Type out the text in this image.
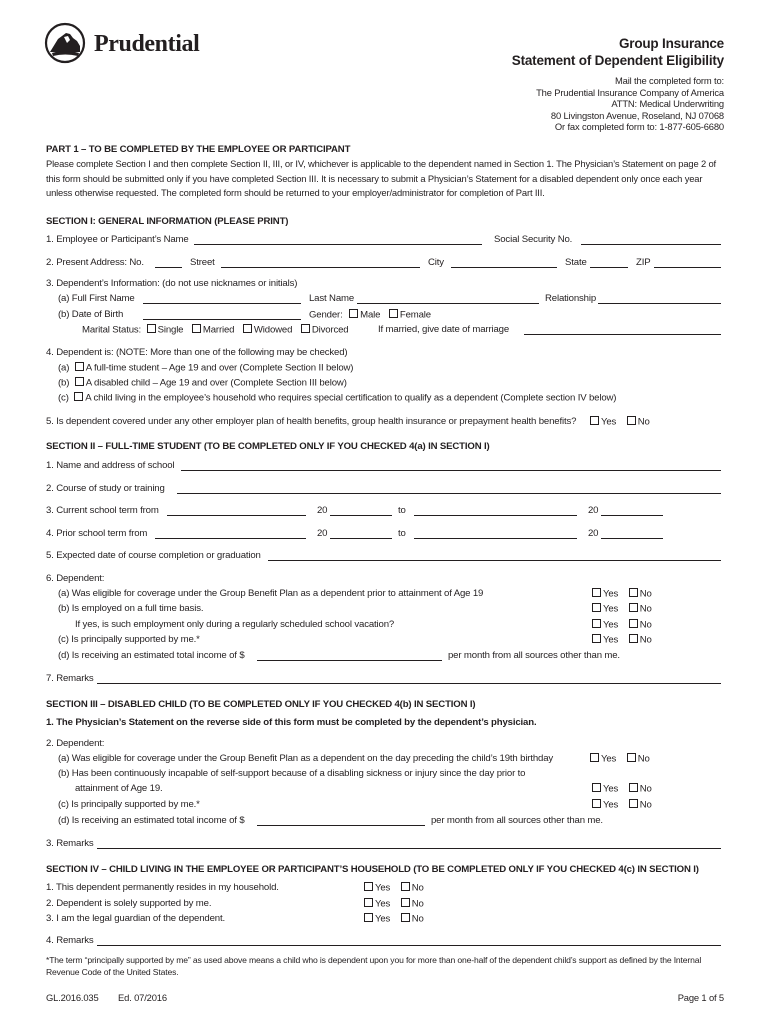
Prudential	Group Insurance
Statement of Dependent Eligibility
Mail the completed form to:
The Prudential Insurance Company of America
ATTN: Medical Underwriting
80 Livingston Avenue, Roseland, NJ 07068
Or fax completed form to: 1-877-605-6680
PART 1 – TO BE COMPLETED BY THE EMPLOYEE OR PARTICIPANT
Please complete Section I and then complete Section II, III, or IV, whichever is applicable to the dependent named in Section 1. The Physician’s Statement on page 2 of this form should be submitted only if you have completed Section III. It is necessary to submit a Physician’s Statement for a disabled dependent only once each year unless otherwise requested. The completed form should be returned to your employer/administrator for completion of Part III.
SECTION I: GENERAL INFORMATION (PLEASE PRINT)
1. Employee or Participant’s Name	Social Security No.
2. Present Address: No.	Street	City	State	ZIP
3. Dependent’s Information: (do not use nicknames or initials)
(a) Full First Name	Last Name	Relationship
(b) Date of Birth	Gender: Male Female
Marital Status: Single Married Widowed Divorced	If married, give date of marriage
4. Dependent is: (NOTE: More than one of the following may be checked)
(a) A full-time student – Age 19 and over (Complete Section II below)
(b) A disabled child – Age 19 and over (Complete Section III below)
(c) A child living in the employee’s household who requires special certification to qualify as a dependent (Complete section IV below)
5. Is dependent covered under any other employer plan of health benefits, group health insurance or prepayment health benefits?	Yes No
SECTION II – FULL-TIME STUDENT (TO BE COMPLETED ONLY IF YOU CHECKED 4(a) IN SECTION I)
1. Name and address of school
2. Course of study or training
3. Current school term from	20	to	20
4. Prior school term from	20	to	20
5. Expected date of course completion or graduation
6. Dependent:
(a) Was eligible for coverage under the Group Benefit Plan as a dependent prior to attainment of Age 19	Yes No
(b) Is employed on a full time basis.	Yes No
If yes, is such employment only during a regularly scheduled school vacation?	Yes No
(c) Is principally supported by me.*	Yes No
(d) Is receiving an estimated total income of $	per month from all sources other than me.
7. Remarks
SECTION III – DISABLED CHILD (TO BE COMPLETED ONLY IF YOU CHECKED 4(b) IN SECTION I)
1. The Physician’s Statement on the reverse side of this form must be completed by the dependent’s physician.
2. Dependent:
(a) Was eligible for coverage under the Group Benefit Plan as a dependent on the day preceding the child’s 19th birthday	Yes No
(b) Has been continuously incapable of self-support because of a disabling sickness or injury since the day prior to
attainment of Age 19.	Yes No
(c) Is principally supported by me.*	Yes No
(d) Is receiving an estimated total income of $	per month from all sources other than me.
3. Remarks
SECTION IV – CHILD LIVING IN THE EMPLOYEE OR PARTICIPANT’S HOUSEHOLD (TO BE COMPLETED ONLY IF YOU CHECKED 4(c) IN SECTION I)
1. This dependent permanently resides in my household.	Yes No
2. Dependent is solely supported by me.	Yes No
3. I am the legal guardian of the dependent.	Yes No
4. Remarks
*The term “principally supported by me” as used above means a child who is dependent upon you for more than one-half of the dependent child’s support as defined by the Internal Revenue Code of the United States.
GL.2016.035 Ed. 07/2016	Page 1 of 5
